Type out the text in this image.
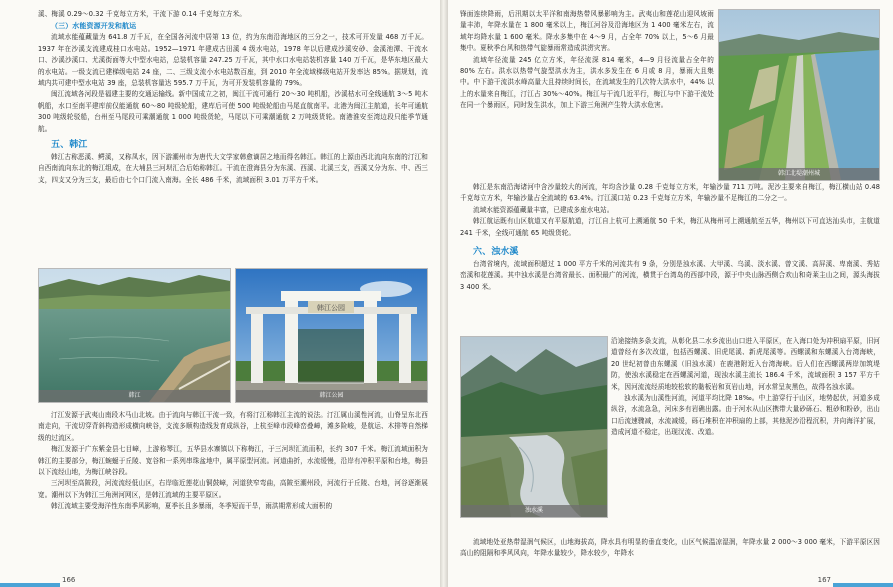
溪、梅溪 0.29～0.32 千克每立方米，干流下游 0.14 千克每立方米。

（三）水能资源开发和航运

流域水能蕴藏量为 641.8 万千瓦，在全国各河流中居第 13 位，约为东南沿海地区的三分之一，技术可开发量 468 万千瓦。1937 年在沙溪支流建成桂口水电站。1952—1971 年建成古田溪 4 级水电站，1978 年以后建成沙溪安砂、金溪池潭、干流水口、沙溪沙溪口、尤溪街面等大中型水电站，总装机容量 247.25 万千瓦，其中水口水电站装机容量 140 万千瓦，是华东地区最大的水电站。一级支流已建梯级电站 24 座，二、三级支流小水电站数百座，到 2010 年全流域梯级电站开发率达 85%。据规划，流域内共可建中型水电站 39 座，总装机容量达 595.7 万千瓦，为可开发装机容量的 79%。

闽江流域各河段是福建主要的交通运输线。新中国成立之初，闽江干流可通行 20～30 吨机船，沙溪枯水可全线通航 3～5 吨木帆船，水口至南平建库前仅能通航 60～80 吨级轮船，建库后可使 500 吨级轮船由马尾直航南平。北港为闽江主航道，长年可通航 300 吨级轮驳船，台州至马尾段可乘潮通航 1 000 吨级货轮，马尾以下可乘潮通航 2 万吨级货轮。南港淮安至湾边段只能季节通航。

五、韩江

韩江古称恶溪、鳄溪，又称凤水，因下游潮州市为唐代大文学家韩愈谪居之地而得名韩江。韩江的上源由西北流向东南的汀江和自西南流向东北的梅江组成，在大埔县三河坝汇合后始称韩江。干流在澄海县分为东溪、西溪、北溪三支，西溪又分为东、中、西三支，四支又分为三支，最后由七个口门流入南海。全长 486 千米，流域面积 3.01 万平方千米。

韩江
韩江公园
韩江公园

汀江发源于武夷山南段木马山北坡。由于流向与韩江干流一致，有将汀江称韩江主流的说法。汀江属山溪性河流，山脊呈东北西南走向，干流切穿背斜构造形成横向峡谷，支流多顺构造线发育成纵谷，上杭至峰市段峰峦叠嶂，滩多险峻，是航运、木排等自然梯级的过流区。

梅江发源于广东紫金县七目嶂，上游称琴江，五华县水寨镇以下称梅江，于三河坝汇流而积，长约 307 千米。梅江流域面积为韩江的主要部分，梅江蜿蜒于丘陵、宽谷和一系列串珠盆地中，属平原型河流。河道曲折，水流缓慢，沿岸有冲积平原和台地，梅县以下流经山地，为梅江峡谷段。

三河坝至高陂段，河流流经低山区，右岸临近莲花山铜鼓嶂，河道狭窄弯曲，高陂至潮州段，河流行于丘陵、台地，河谷逐渐展宽。潮州以下为韩江三角洲河网区，是韩江流域的主要平原区。

韩江流域主要受海洋性东南季风影响，夏季长且多暴雨，冬季短而干旱，雨洪期常形成大面积的

166

锋面连续降雨，后汛期以太平洋和南海热带风暴影响为主。武夷山和莲花山迎风坡雨量丰沛，年降水量在 1 800 毫米以上，梅江河谷及沿海地区为 1 400 毫米左右，流域年均降水量 1 600 毫米。降水多集中在 4～9 月，占全年 70% 以上，5～6 月最集中。夏秋季台风和热带气旋暴雨常造成洪涝灾害。

流域年径流量 245 亿立方米，年径流深 814 毫米，4—9 月径流量占全年的 80% 左右。洪水以热带气旋型洪水为主，洪水多发生在 6 月或 8 月，暴雨大且集中。中下游干流洪水峰高量大且持续时间长，在流域发生的几次特大洪水中，44% 以上的水量来自梅江，汀江占 30%～40%。梅江与干流几近平行，梅江与中下游干流处在同一个暴雨区，同时发生洪水，加上下游三角洲产生特大洪水危害。

韩江北堤潮州城

韩江是东南沿海诸河中含沙量较大的河流，年均含沙量 0.28 千克每立方米，年输沙量 711 万吨。泥沙主要来自梅江，梅江横山站 0.48 千克每立方米，年输沙量占全流域的 63.4%。汀江溪口站 0.23 千克每立方米，年输沙量不足梅江的二分之一。

流域水能资源蕴藏量丰富，已建成多座水电站。

韩江航运既有山区航道又有平原航道，汀江自上杭可上溯通航 50 千米，梅江从梅州可上溯通航至五华，梅州以下可直达汕头市，主航道 241 千米，全线可通航 65 吨级货轮。

六、浊水溪

台湾省境内，流域面积超过 1 000 平方千米的河流共有 9 条，分别是浊水溪、大甲溪、乌溪、淡水溪、曾文溪、高屏溪、卑南溪、秀姑峦溪和花莲溪。其中浊水溪是台湾省最长、面积最广的河流，横贯于台湾岛的西部中段，源于中央山脉西侧合欢山和奇莱主山之间，源头海拔 3 400 米。

浊水溪

沿途接纳多条支流，从彰化县二水乡流出山口进入平原区，在入海口处为冲积扇平原，旧河道曾经有多次改道，包括西螺溪、旧虎尾溪、新虎尾溪等。西螺溪和东螺溪入台湾海峡，20 世纪初曾由东螺溪（旧浊水溪）在鹿港附近入台湾海峡。后人们在西螺溪两岸加筑堤防，使浊水溪稳定在西螺溪河道，现浊水溪主流长 186.4 千米，流域面积 3 157 平方千米，因河流流经质地较松软的黏板岩和页岩山地，河水常呈灰黑色，故得名浊水溪。

浊水溪为山溪性河流，河道平均比降 18‰。中上游穿行于山区，地势起伏，河道多成纵谷，水流急急，河床多有岩礁出露。由于河水从山区携带大量砂砾石、粗砂和粉砂，出山口后流速骤减，水流减缓，砾石堆积在冲积扇的上部，其他泥沙沿程沉积，并向海洋扩展，造成河道不稳定，出现汊流、改道。

流域地处亚热带湿润气候区，山地海拔高，降水具有明显的垂直变化，山区气候温凉湿润，年降水量 2 000～3 000 毫米，下游平原区因高山的阻隔和季风风向，年降水量较少，降水较少，年降水

167
